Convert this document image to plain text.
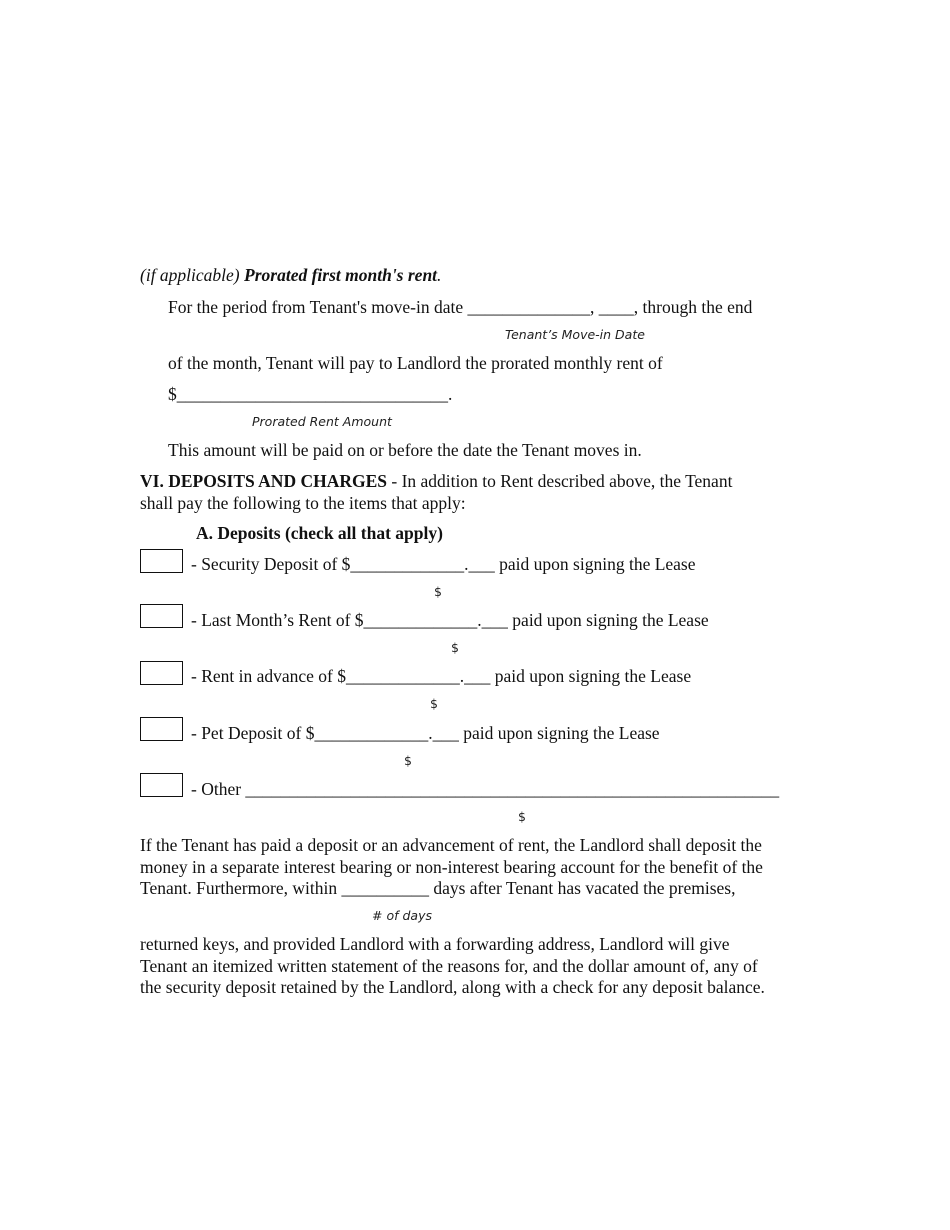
(if applicable) Prorated first month's rent.
For the period from Tenant's move-in date ______________, ____, through the end
Tenant’s Move-in Date
of the month, Tenant will pay to Landlord the prorated monthly rent of
$_______________________________.
Prorated Rent Amount
This amount will be paid on or before the date the Tenant moves in.
VI. DEPOSITS AND CHARGES - In addition to Rent described above, the Tenant
shall pay the following to the items that apply:
A. Deposits (check all that apply)
- Security Deposit of $_____________.___ paid upon signing the Lease
$
- Last Month’s Rent of $_____________.___ paid upon signing the Lease
$
- Rent in advance of $_____________.___ paid upon signing the Lease
$
- Pet Deposit of $_____________.___ paid upon signing the Lease
$
- Other _____________________________________________________________
$
If the Tenant has paid a deposit or an advancement of rent, the Landlord shall deposit the
money in a separate interest bearing or non-interest bearing account for the benefit of the
Tenant. Furthermore, within __________ days after Tenant has vacated the premises,
# of days
returned keys, and provided Landlord with a forwarding address, Landlord will give
Tenant an itemized written statement of the reasons for, and the dollar amount of, any of
the security deposit retained by the Landlord, along with a check for any deposit balance.
